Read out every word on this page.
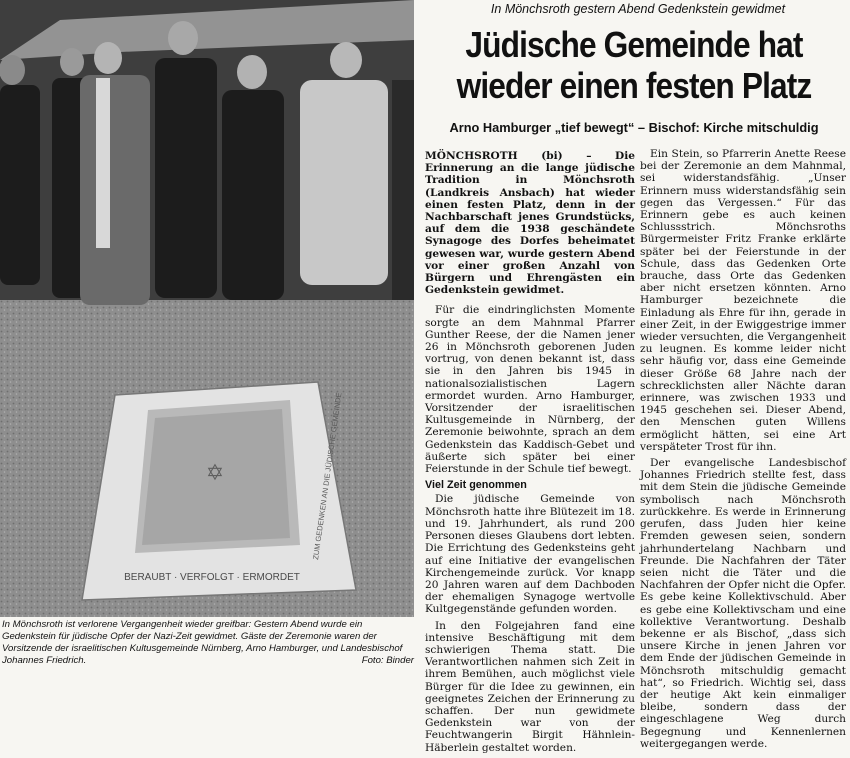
✡
BERAUBT · VERFOLGT · ERMORDET
ZUM GEDENKEN AN DIE JÜDISCHE GEMEINDE

In Mönchsroth ist verlorene Vergangenheit wieder greifbar: Gestern Abend wurde ein Gedenkstein für jüdische Opfer der Nazi-Zeit gewidmet. Gäste der Zeremonie waren der Vorsitzende der israelitischen Kultusgemeinde Nürnberg, Arno Hamburger, und Landesbischof Johannes Friedrich.	Foto: Binder

In Mönchsroth gestern Abend Gedenkstein gewidmet

Jüdische Gemeinde hat wieder einen festen Platz

Arno Hamburger „tief bewegt“ – Bischof: Kirche mitschuldig

MÖNCHSROTH (bi) – Die Erinnerung an die lange jüdische Tradition in Mönchsroth (Landkreis Ansbach) hat wieder einen festen Platz, denn in der Nachbarschaft jenes Grundstücks, auf dem die 1938 geschändete Synagoge des Dorfes beheimatet gewesen war, wurde gestern Abend vor einer großen Anzahl von Bürgern und Ehrengästen ein Gedenkstein gewidmet.

Für die eindringlichsten Momente sorgte an dem Mahnmal Pfarrer Gunther Reese, der die Namen jener 26 in Mönchsroth geborenen Juden vortrug, von denen bekannt ist, dass sie in den Jahren bis 1945 in nationalsozialistischen Lagern ermordet wurden. Arno Hamburger, Vorsitzender der israelitischen Kultusgemeinde in Nürnberg, der Zeremonie beiwohnte, sprach an dem Gedenkstein das Kaddisch-Gebet und äußerte sich später bei einer Feierstunde in der Schule tief bewegt.

Viel Zeit genommen

Die jüdische Gemeinde von Mönchsroth hatte ihre Blütezeit im 18. und 19. Jahrhundert, als rund 200 Personen dieses Glaubens dort lebten. Die Errichtung des Gedenksteins geht auf eine Initiative der evangelischen Kirchengemeinde zurück. Vor knapp 20 Jahren waren auf dem Dachboden der ehemaligen Synagoge wertvolle Kultgegenstände gefunden worden.

In den Folgejahren fand eine intensive Beschäftigung mit dem schwierigen Thema statt. Die Verantwortlichen nahmen sich Zeit in ihrem Bemühen, auch möglichst viele Bürger für die Idee zu gewinnen, ein geeignetes Zeichen der Erinnerung zu schaffen. Der nun gewidmete Gedenkstein war von der Feuchtwangerin Birgit Hähnlein-Häberlein gestaltet worden.

Ein Stein, so Pfarrerin Anette Reese bei der Zeremonie an dem Mahnmal, sei widerstandsfähig. „Unser Erinnern muss widerstandsfähig sein gegen das Vergessen.“ Für das Erinnern gebe es auch keinen Schlussstrich. Mönchsroths Bürgermeister Fritz Franke erklärte später bei der Feierstunde in der Schule, dass das Gedenken Orte brauche, dass Orte das Gedenken aber nicht ersetzen könnten. Arno Hamburger bezeichnete die Einladung als Ehre für ihn, gerade in einer Zeit, in der Ewiggestrige immer wieder versuchten, die Vergangenheit zu leugnen. Es komme leider nicht sehr häufig vor, dass eine Gemeinde dieser Größe 68 Jahre nach der schrecklichsten aller Nächte daran erinnere, was zwischen 1933 und 1945 geschehen sei. Dieser Abend, den Menschen guten Willens ermöglicht hätten, sei eine Art verspäteter Trost für ihn.

Der evangelische Landesbischof Johannes Friedrich stellte fest, dass mit dem Stein die jüdische Gemeinde symbolisch nach Mönchsroth zurückkehre. Es werde in Erinnerung gerufen, dass Juden hier keine Fremden gewesen seien, sondern jahrhundertelang Nachbarn und Freunde. Die Nachfahren der Täter seien nicht die Täter und die Nachfahren der Opfer nicht die Opfer. Es gebe keine Kollektivschuld. Aber es gebe eine Kollektivscham und eine kollektive Verantwortung. Deshalb bekenne er als Bischof, „dass sich unsere Kirche in jenen Jahren vor dem Ende der jüdischen Gemeinde in Mönchsroth mitschuldig gemacht hat“, so Friedrich. Wichtig sei, dass der heutige Akt kein einmaliger bleibe, sondern dass der eingeschlagene Weg durch Begegnung und Kennenlernen weitergegangen werde.
